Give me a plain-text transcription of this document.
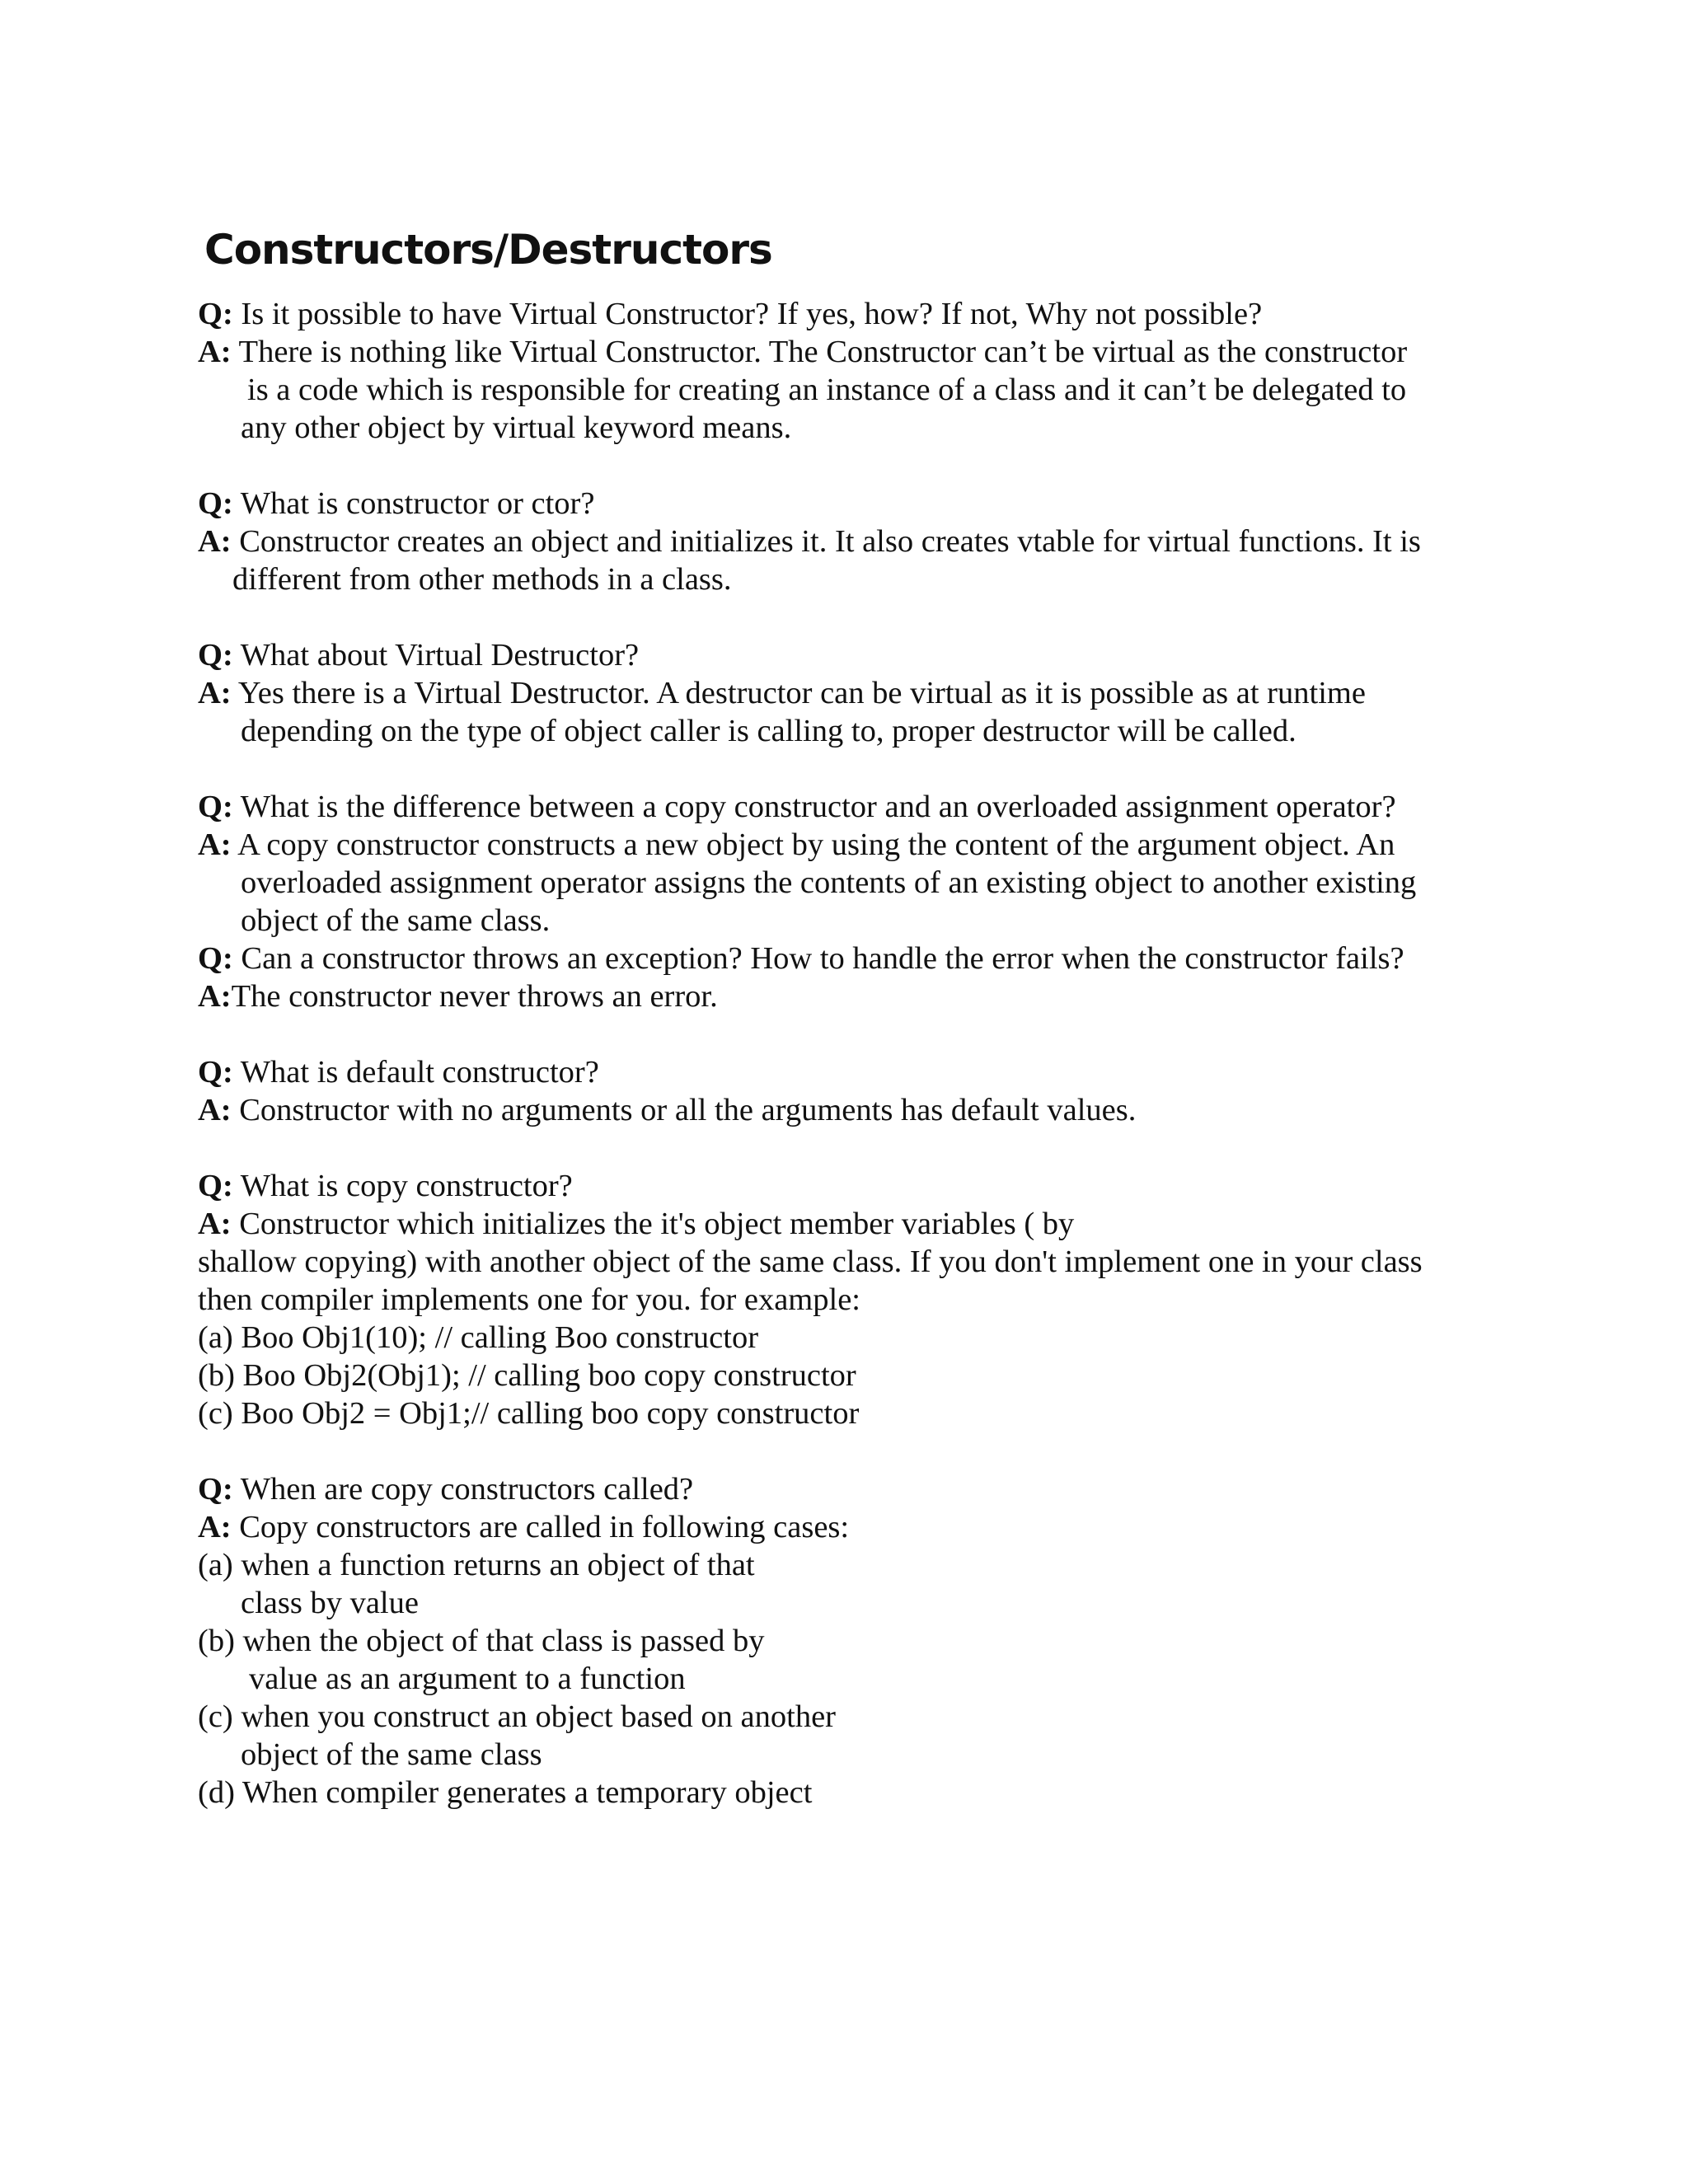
Constructors/Destructors
Q: Is it possible to have Virtual Constructor? If yes, how? If not, Why not possible?
A: There is nothing like Virtual Constructor. The Constructor can’t be virtual as the constructor
is a code which is responsible for creating an instance of a class and it can’t be delegated to
any other object by virtual keyword means.
Q: What is constructor or ctor?
A: Constructor creates an object and initializes it. It also creates vtable for virtual functions. It is
different from other methods in a class.
Q: What about Virtual Destructor?
A: Yes there is a Virtual Destructor. A destructor can be virtual as it is possible as at runtime
depending on the type of object caller is calling to, proper destructor will be called.
Q: What is the difference between a copy constructor and an overloaded assignment operator?
A: A copy constructor constructs a new object by using the content of the argument object. An
overloaded assignment operator assigns the contents of an existing object to another existing
object of the same class.
Q: Can a constructor throws an exception? How to handle the error when the constructor fails?
A:The constructor never throws an error.
Q: What is default constructor?
A: Constructor with no arguments or all the arguments has default values.
Q: What is copy constructor?
A: Constructor which initializes the it's object member variables ( by
shallow copying) with another object of the same class. If you don't implement one in your class
then compiler implements one for you. for example:
(a) Boo Obj1(10); // calling Boo constructor
(b) Boo Obj2(Obj1); // calling boo copy constructor
(c) Boo Obj2 = Obj1;// calling boo copy constructor
Q: When are copy constructors called?
A: Copy constructors are called in following cases:
(a) when a function returns an object of that
class by value
(b) when the object of that class is passed by
value as an argument to a function
(c) when you construct an object based on another
object of the same class
(d) When compiler generates a temporary object
